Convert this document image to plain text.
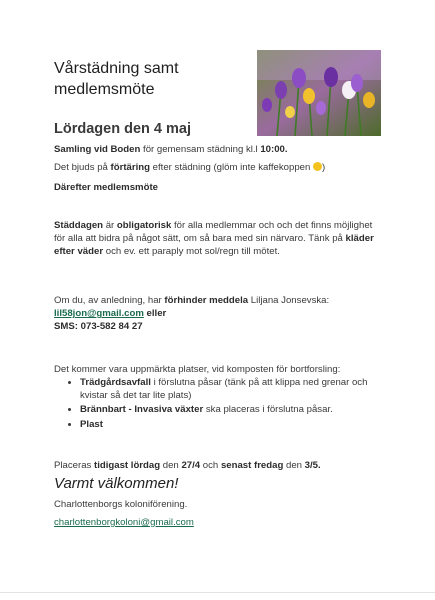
Vårstädning samt medlemsmöte
Lördagen den 4 maj
Samling vid Boden för gemensam städning kl.l 10:00.
Det bjuds på förtäring efter städning (glöm inte kaffekoppen )
Därefter medlemsmöte
Städdagen är obligatorisk för alla medlemmar och och det finns möjlighet för alla att bidra på något sätt, om så bara med sin närvaro. Tänk på kläder efter väder och ev. ett paraply mot sol/regn till mötet.
Om du, av anledning, har förhinder meddela Liljana Jonsevska:
lil58jon@gmail.com eller
SMS: 073-582 84 27
Det kommer vara uppmärkta platser, vid komposten för bortforsling:
• Trädgårdsavfall i förslutna påsar (tänk på att klippa ned grenar och kvistar så det tar lite plats)
• Brännbart - Invasiva växter ska placeras i förslutna påsar.
• Plast
Placeras tidigast lördag den 27/4 och senast fredag den 3/5.
Varmt välkommen!
Charlottenborgs koloniförening.
charlottenborgkoloni@gmail.com
